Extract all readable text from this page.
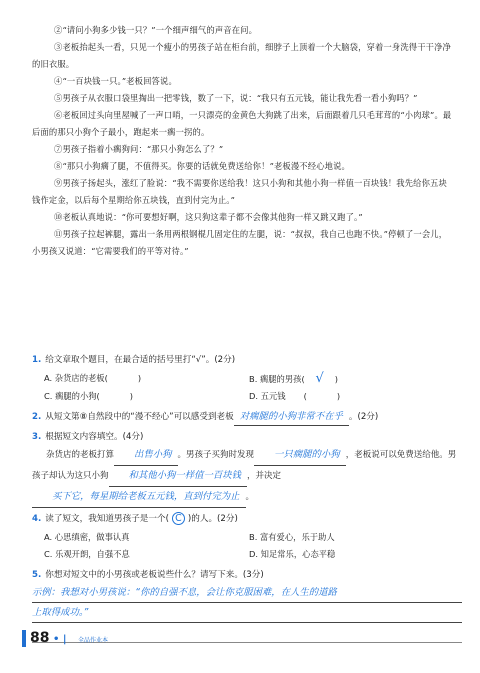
②“请问小狗多少钱一只？”一个细声细气的声音在问。

③老板抬起头一看，只见一个瘦小的男孩子站在柜台前，细脖子上顶着一个大脑袋，穿着一身洗得干干净净的旧衣服。

④“一百块钱一只。”老板回答说。

⑤男孩子从衣服口袋里掏出一把零钱，数了一下，说：“我只有五元钱，能让我先看一看小狗吗？”

⑥老板回过头向里屋喊了一声口哨，一只漂亮的金黄色大狗跳了出来，后面跟着几只毛茸茸的“小肉球”。最后面的那只小狗个子最小，跑起来一瘸一拐的。

⑦男孩子指着小瘸狗问：“那只小狗怎么了？”

⑧“那只小狗瘸了腿，不值得买。你要的话就免费送给你！”老板漫不经心地说。

⑨男孩子扬起头，涨红了脸说：“我不需要你送给我！这只小狗和其他小狗一样值一百块钱！我先给你五块钱作定金，以后每个星期给你五块钱，直到付完为止。”

⑩老板认真地说：“你可要想好啊，这只狗这辈子都不会像其他狗一样又跳又跑了。”

⑪男孩子拉起裤腿，露出一条用两根钢棍几固定住的左腿，说：“叔叔，我自己也跑不快。”停顿了一会儿，小男孩又说道：“它需要我们的平等对待。”

1. 给文章取个题目，在最合适的括号里打“√”。(2分)

A. 杂货店的老板(	)	B. 瘸腿的男孩( √ )
C. 瘸腿的小狗(	)	D. 五元钱 (	)

2. 从短文第⑧自然段中的“漫不经心”可以感受到老板 对瘸腿的小狗非常不在乎 。(2分)

3. 根据短文内容填空。(4分)

杂货店的老板打算 出售小狗 。男孩子买狗时发现 一只瘸腿的小狗 ，老板说可以免费送给他。男孩子却认为这只小狗 和其他小狗一样值一百块钱 ，并决定买下它，每星期给老板五元钱，直到付完为止 。

4. 读了短文，我知道男孩子是一个( C )的人。(2分)

A. 心思缜密，做事认真	B. 富有爱心，乐于助人
C. 乐观开朗，自强不息	D. 知足常乐，心态平稳

5. 你想对短文中的小男孩或老板说些什么？请写下来。(3分)

示例：我想对小男孩说：“你的自强不息，会让你克服困难，在人生的道路
上取得成功。”
88 • | 全品作业本
